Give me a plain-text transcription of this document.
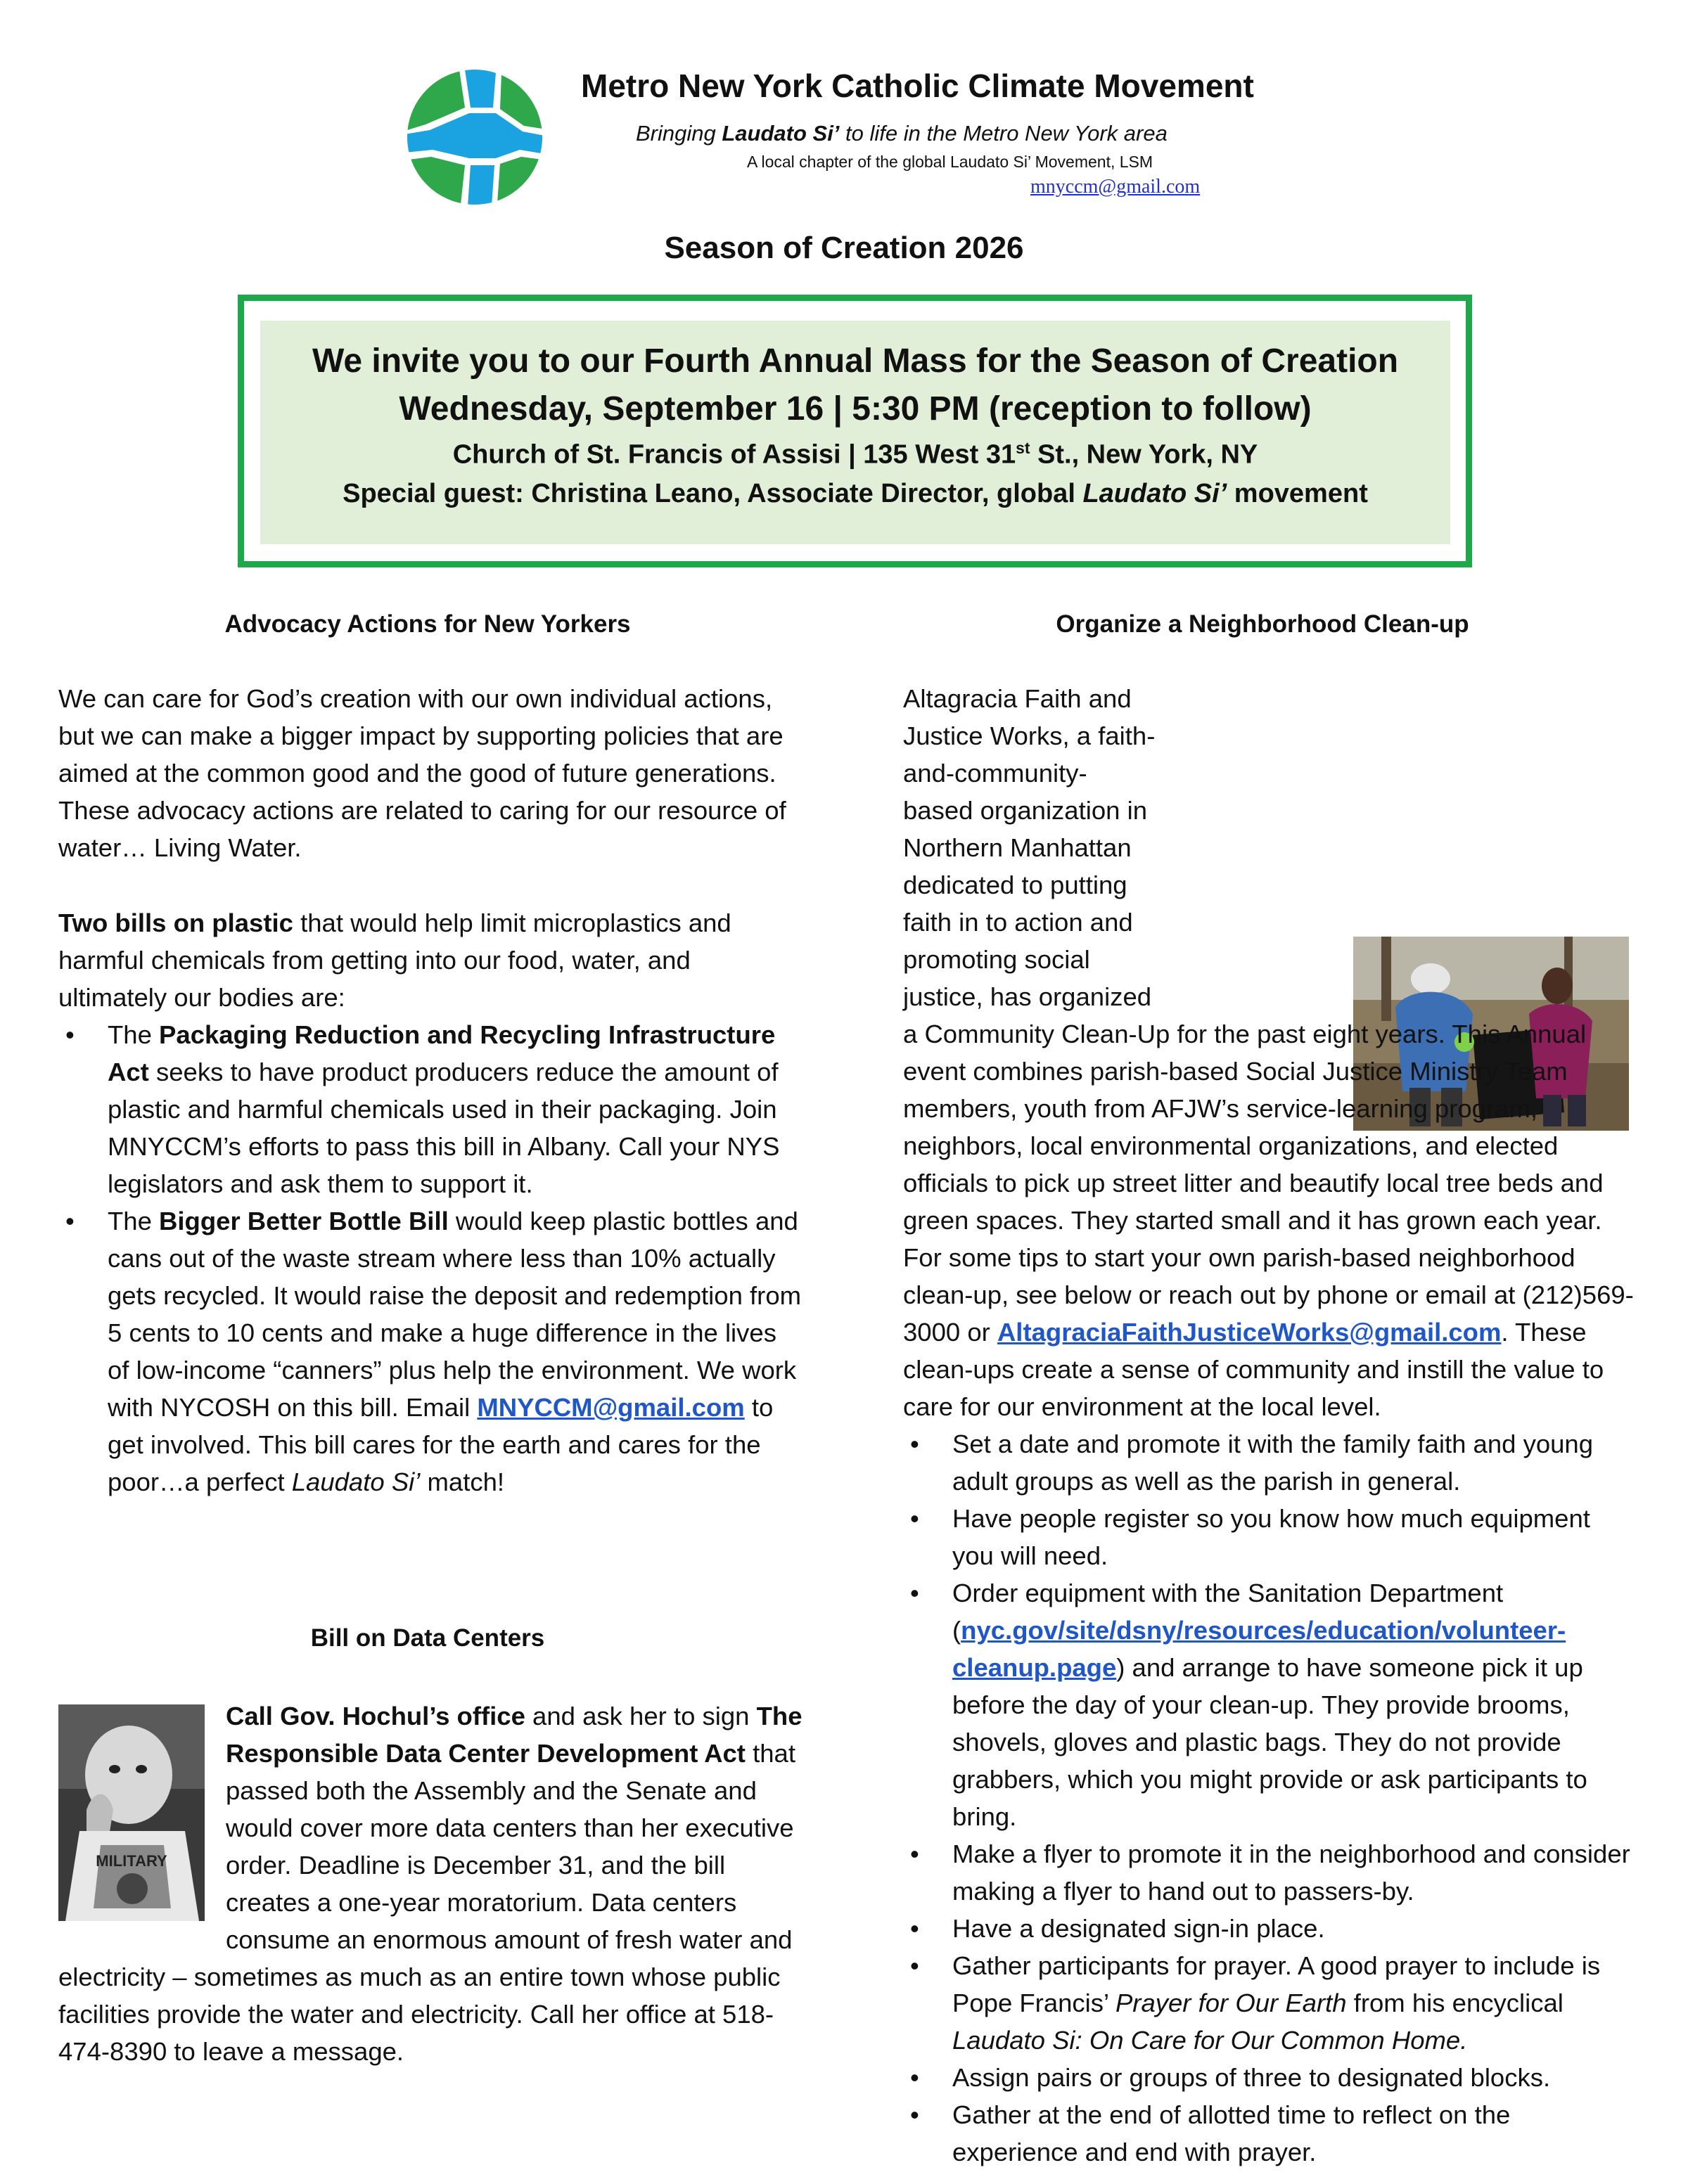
Metro New York Catholic Climate Movement
Bringing Laudato Si’ to life in the Metro New York area
A local chapter of the global Laudato Si’ Movement, LSM
mnyccm@gmail.com
Season of Creation 2026
We invite you to our Fourth Annual Mass for the Season of Creation
Wednesday, September 16 | 5:30 PM (reception to follow)
Church of St. Francis of Assisi | 135 West 31st St., New York, NY
Special guest: Christina Leano, Associate Director, global Laudato Si’ movement
Advocacy Actions for New Yorkers
We can care for God’s creation with our own individual actions, but we can make a bigger impact by supporting policies that are aimed at the common good and the good of future generations. These advocacy actions are related to caring for our resource of water… Living Water.

Two bills on plastic that would help limit microplastics and harmful chemicals from getting into our food, water, and ultimately our bodies are:

• The Packaging Reduction and Recycling Infrastructure Act seeks to have product producers reduce the amount of plastic and harmful chemicals used in their packaging. Join MNYCCM’s efforts to pass this bill in Albany. Call your NYS legislators and ask them to support it.
• The Bigger Better Bottle Bill would keep plastic bottles and cans out of the waste stream where less than 10% actually gets recycled. It would raise the deposit and redemption from 5 cents to 10 cents and make a huge difference in the lives of low-income “canners” plus help the environment. We work with NYCOSH on this bill. Email MNYCCM@gmail.com to get involved. This bill cares for the earth and cares for the poor…a perfect Laudato Si’ match!
Bill on Data Centers
MILITARY
Call Gov. Hochul’s office and ask her to sign The Responsible Data Center Development Act that passed both the Assembly and the Senate and would cover more data centers than her executive order. Deadline is December 31, and the bill creates a one-year moratorium. Data centers consume an enormous amount of fresh water and electricity – sometimes as much as an entire town whose public facilities provide the water and electricity. Call her office at 518-474-8390 to leave a message.
Organize a Neighborhood Clean-up

Altagracia Faith and Justice Works, a faith-and-community-based organization in Northern Manhattan dedicated to putting faith in to action and promoting social justice, has organized a Community Clean-Up for the past eight years. This Annual event combines parish-based Social Justice Ministry Team members, youth from AFJW’s service-learning program, neighbors, local environmental organizations, and elected officials to pick up street litter and beautify local tree beds and green spaces. They started small and it has grown each year. For some tips to start your own parish-based neighborhood clean-up, see below or reach out by phone or email at (212)569-3000 or AltagraciaFaithJusticeWorks@gmail.com. These clean-ups create a sense of community and instill the value to care for our environment at the local level.

• Set a date and promote it with the family faith and young adult groups as well as the parish in general.
• Have people register so you know how much equipment you will need.
• Order equipment with the Sanitation Department (nyc.gov/site/dsny/resources/education/volunteer-cleanup.page) and arrange to have someone pick it up before the day of your clean-up. They provide brooms, shovels, gloves and plastic bags. They do not provide grabbers, which you might provide or ask participants to bring.
• Make a flyer to promote it in the neighborhood and consider making a flyer to hand out to passers-by.
• Have a designated sign-in place.
• Gather participants for prayer. A good prayer to include is Pope Francis’ Prayer for Our Earth from his encyclical Laudato Si: On Care for Our Common Home.
• Assign pairs or groups of three to designated blocks.
• Gather at the end of allotted time to reflect on the experience and end with prayer.
